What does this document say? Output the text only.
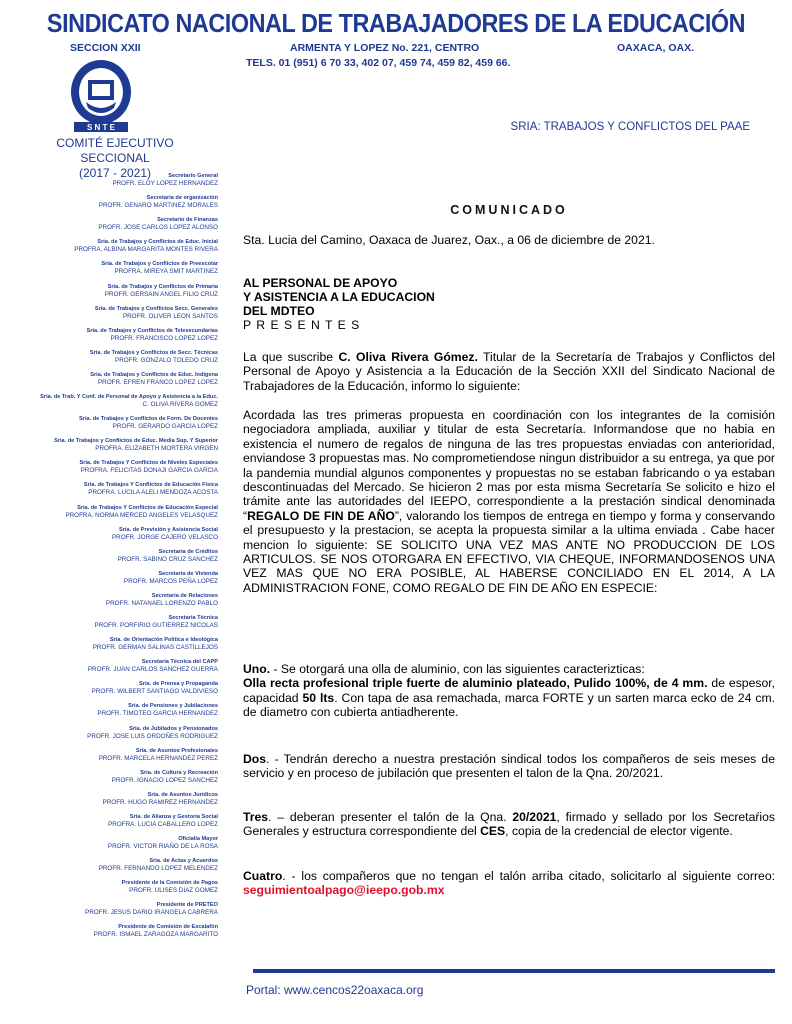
SINDICATO NACIONAL DE TRABAJADORES DE LA EDUCACIÓN
SECCION XXII	ARMENTA Y LOPEZ No. 221, CENTRO	OAXACA, OAX.
TELS. 01 (951) 6 70 33, 402 07, 459 74, 459 82, 459 66.
S N T E
COMITÉ EJECUTIVO SECCIONAL
(2017 - 2021)
SRIA: TRABAJOS Y CONFLICTOS DEL PAAE
Secretario General
PROFR. ELOY LOPEZ HERNANDEZ
Secretaria de organización
PROFR. GENARO MARTINEZ MORALES
Secretario de Finanzas
PROFR. JOSE CARLOS LOPEZ ALONSO
Sria. de Trabajos y Conflictos de Educ. Inicial
PROFRA. ALBINA MARGARITA MONTES RIVERA
Sria. de Trabajos y Conflictos de Preescolar
PROFRA. MIREYA SMIT MARTINEZ
Sria. de Trabajos y Conflictos de Primaria
PROFR. GERSAIN ANGEL FILIO CRUZ
Sria. de Trabajos y Conflictos Secc. Generales
PROFR. OLIVER LEON SANTOS
Sria. de Trabajos y Conflictos de Telesecundarias
PROFR. FRANCISCO LOPEZ LOPEZ
Sria. de Trabajos y Conflictos de Secc. Técnicas
PROFR. GONZALO TOLEDO CRUZ
Sria. de Trabajos y Conflictos de Educ. Indígena
PROFR. EFREN FRANCO LOPEZ LOPEZ
Sria. de Trab. Y Conf. de Personal de Apoyo y Asistencia a la Educ.
C. OLIVA RIVERA GOMEZ
Sria. de Trabajos y Conflictos de Form. De Docentes
PROFR. GERARDO GARCIA LOPEZ
Sria. de Trabajos y Conflictos de Educ. Media Sup. Y Superior
PROFRA. ELIZABETH MORTERA VIRGEN
Sria. de Trabajos Y Conflictos de Niveles Especiales
PROFRA. FELICITAS DONAJI GARCIA GARCIA
Sria. de Trabajos Y Conflictos de Educación Física
PROFRA. LUCILA ALELI MENDOZA ACOSTA
Sria. de Trabajos Y Conflictos de Educación Especial
PROFRA. NORMA MERCED ANGELES VELASQUEZ
Sria. de Previsión y Asistencia Social
PROFR. JORGE CAJERO VELASCO
Secretaria de Créditos
PROFR. SABINO CRUZ SANCHEZ
Secretaria de Vivienda
PROFR. MARCOS PEÑA LOPEZ
Secretaria de Relaciones
PROFR. NATANAEL LORENZO PABLO
Secretaria Técnica
PROFR. PORFIRIO GUTIERREZ NICOLAS
Sria. de Orientación Política e Ideológica
PROFR. GERMAN SALINAS CASTILLEJOS
Secretaria Técnica del CAPP
PROFR. JUAN CARLOS SANCHEZ GUERRA
Sria. de Prensa y Propaganda
PROFR. WILBERT SANTIAGO VALDIVIESO
Sria. de Pensiones y Jubilaciones
PROFR. TIMOTEO GARCIA HERNANDEZ
Sria. de Jubilados y Pensionados
PROFR. JOSE LUIS ORDOÑES RODRIGUEZ
Sria. de Asuntos Profesionales
PROFR. MARCELA HERNANDEZ PEREZ
Sria. de Cultura y Recreación
PROFR. IGNACIO LOPEZ SANCHEZ
Sria. de Asuntos Jurídicos
PROFR. HUGO RAMIREZ HERNANDEZ
Sria. de Alianza y Gestoría Social
PROFRA. LUCIA CABALLERO LOPEZ
Oficialía Mayor
PROFR. VICTOR RIAÑO DE LA ROSA
Sria. de Actas y Acuerdos
PROFR. FERNANDO LOPEZ MELENDEZ
Presidente de la Comisión de Pagos
PROFR. ULISES DIAZ GOMEZ
Presidente de PRETEO
PROFR. JESUS DARIO IRANGELA CABRERA
Presidente de Comisión de Escalafón
PROFR. ISMAEL ZARAGOZA MARGARITO
COMUNICADO
Sta. Lucia del Camino, Oaxaca de Juarez, Oax., a 06 de diciembre de 2021.
AL PERSONAL DE APOYO
Y ASISTENCIA A LA EDUCACION
DEL MDTEO
P R E S E N T E S
La que suscribe C. Oliva Rivera Gómez. Titular de la Secretaría de Trabajos y Conflictos del Personal de Apoyo y Asistencia a la Educación de la Sección XXII del Sindicato Nacional de Trabajadores de la Educación, informo lo siguiente:
Acordada las tres primeras propuesta en coordinación con los integrantes de la comisión negociadora ampliada, auxiliar y titular de esta Secretaría. Informandose que no habia en existencia el numero de regalos de ninguna de las tres propuestas enviadas con anterioridad, enviandose 3 propuestas mas. No comprometiendose ningun distribuidor a su entrega, ya que por la pandemia mundial algunos componentes y propuestas no se estaban fabricando o ya estaban descontinuadas del Mercado. Se hicieron 2 mas por esta misma Secretaría Se solicito e hizo el trámite ante las autoridades del IEEPO, correspondiente a la prestación sindical denominada “REGALO DE FIN DE AÑO”, valorando los tiempos de entrega en tiempo y forma y conservando el presupuesto y la prestacion, se acepta la propuesta similar a la ultima enviada . Cabe hacer mencion lo siguiente: SE SOLICITO UNA VEZ MAS ANTE NO PRODUCCION DE LOS ARTICULOS. SE NOS OTORGARA EN EFECTIVO, VIA CHEQUE, INFORMANDOSENOS UNA VEZ MAS QUE NO ERA POSIBLE, AL HABERSE CONCILIADO EN EL 2014, A LA ADMINISTRACION FONE, COMO REGALO DE FIN DE AÑO EN ESPECIE:
Uno. - Se otorgará una olla de aluminio, con las siguientes caracterizticas:
Olla recta profesional triple fuerte de aluminio plateado, Pulido 100%, de 4 mm. de espesor, capacidad 50 lts. Con tapa de asa remachada, marca FORTE y un sarten marca ecko de 24 cm. de diametro con cubierta antiadherente.
Dos. - Tendrán derecho a nuestra prestación sindical todos los compañeros de seis meses de servicio y en proceso de jubilación que presenten el talon de la Qna. 20/2021.
Tres. – deberan presenter el talón de la Qna. 20/2021, firmado y sellado por los Secretaŕios Generales y estructura correspondiente del CES, copia de la credencial de elector vigente.
Cuatro. - los compañeros que no tengan el talón arriba citado, solicitarlo al siguiente correo: seguimientoalpago@ieepo.gob.mx
Portal: www.cencos22oaxaca.org
